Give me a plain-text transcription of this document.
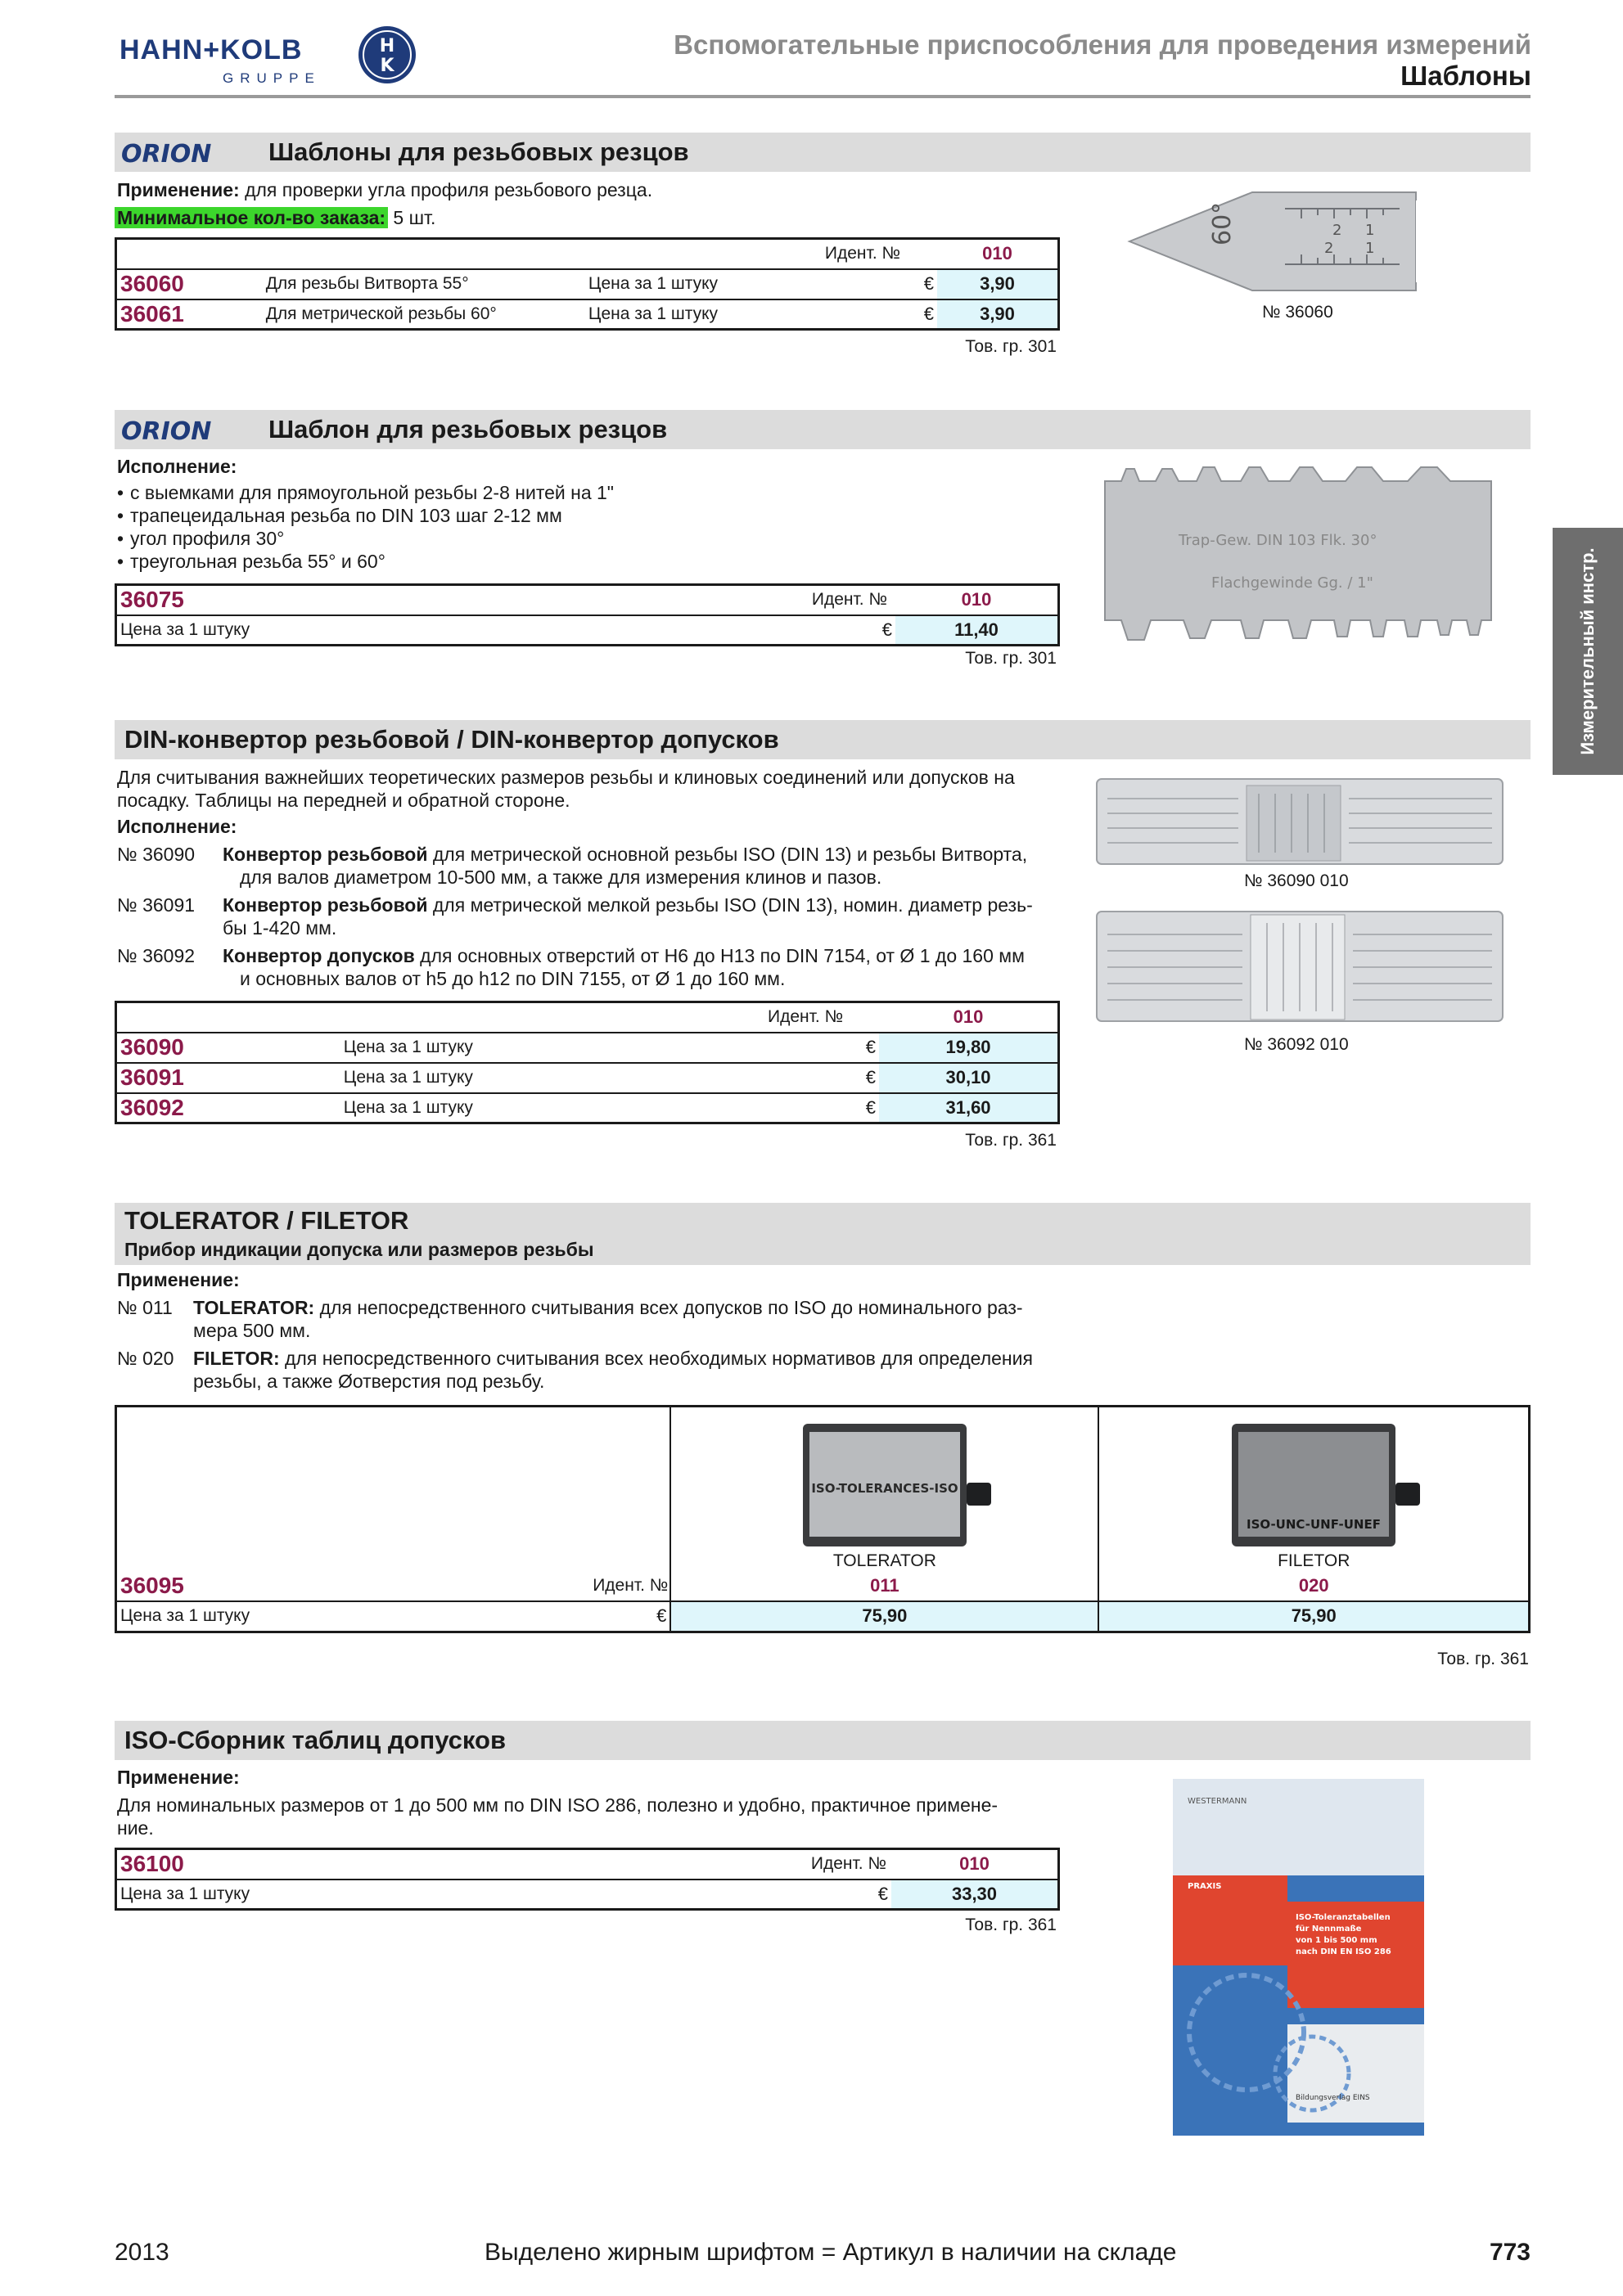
HAHN+KOLB
GRUPPE
H
K
Вспомогательные приспособления для проведения измерений
Шаблоны
Измерительный инстр.
ORION Шаблоны для резьбовых резцов
Применение: для проверки угла профиля резьбового резца.
Минимальное кол-во заказа: 5 шт.
Идент. №				010
36060	Для резьбы Витворта 55°	Цена за 1 штуку	€	3,90
36061	Для метрической резьбы 60°	Цена за 1 штуку	€	3,90
Тов. гр. 301
60°	2 1
2 1
№ 36060
ORION Шаблон для резьбовых резцов
Исполнение:
• с выемками для прямоугольной резьбы 2-8 нитей на 1"
• трапецеидальная резьба по DIN 103 шаг 2-12 мм
• угол профиля 30°
• треугольная резьба 55° и 60°
36075	Идент. №	010
Цена за 1 штуку	€	11,40
Тов. гр. 301
Trap-Gew. DIN 103 Flk. 30°
Flachgewinde Gg. / 1"
DIN-конвертор резьбовой / DIN-конвертор допусков
Для считывания важнейших теоретических размеров резьбы и клиновых соединений или допусков на
посадку. Таблицы на передней и обратной стороне.
Исполнение:
№ 36090 Конвертор резьбовой для метрической основной резьбы ISO (DIN 13) и резьбы Витворта,
для валов диаметром 10-500 мм, а также для измерения клинов и пазов.
№ 36091 Конвертор резьбовой для метрической мелкой резьбы ISO (DIN 13), номин. диаметр резь-
бы 1-420 мм.
№ 36092 Конвертор допусков для основных отверстий от H6 до H13 по DIN 7154, от Ø 1 до 160 мм
и основных валов от h5 до h12 по DIN 7155, от Ø 1 до 160 мм.
Идент. №			010
36090	Цена за 1 штуку	€	19,80
36091	Цена за 1 штуку	€	30,10
36092	Цена за 1 штуку	€	31,60
Тов. гр. 361
№ 36090 010
№ 36092 010
TOLERATOR / FILETOR
Прибор индикации допуска или размеров резьбы
Применение:
№ 011 TOLERATOR: для непосредственного считывания всех допусков по ISO до номинального раз-
мера 500 мм.
№ 020 FILETOR: для непосредственного считывания всех необходимых нормативов для определения
резьбы, а также Øотверстия под резьбу.

ISO-TOLERANCES-ISO
TOLERATOR	ISO-UNC-UNF-UNEF
FILETOR

36095	Идент. №	011	020
Цена за 1 штуку	€	75,90	75,90
Тов. гр. 361
ISO-Сборник таблиц допусков
Применение:
Для номинальных размеров от 1 до 500 мм по DIN ISO 286, полезно и удобно, практичное примене-
ние.
36100	Идент. №	010
Цена за 1 штуку	€	33,30
Тов. гр. 361
WESTERMANN
PRAXIS
ISO-Toleranztabellen
für Nennmaße
von 1 bis 500 mm
nach DIN EN ISO 286
Bildungsverlag EINS
2013	Выделено жирным шрифтом = Артикул в наличии на складе	773
